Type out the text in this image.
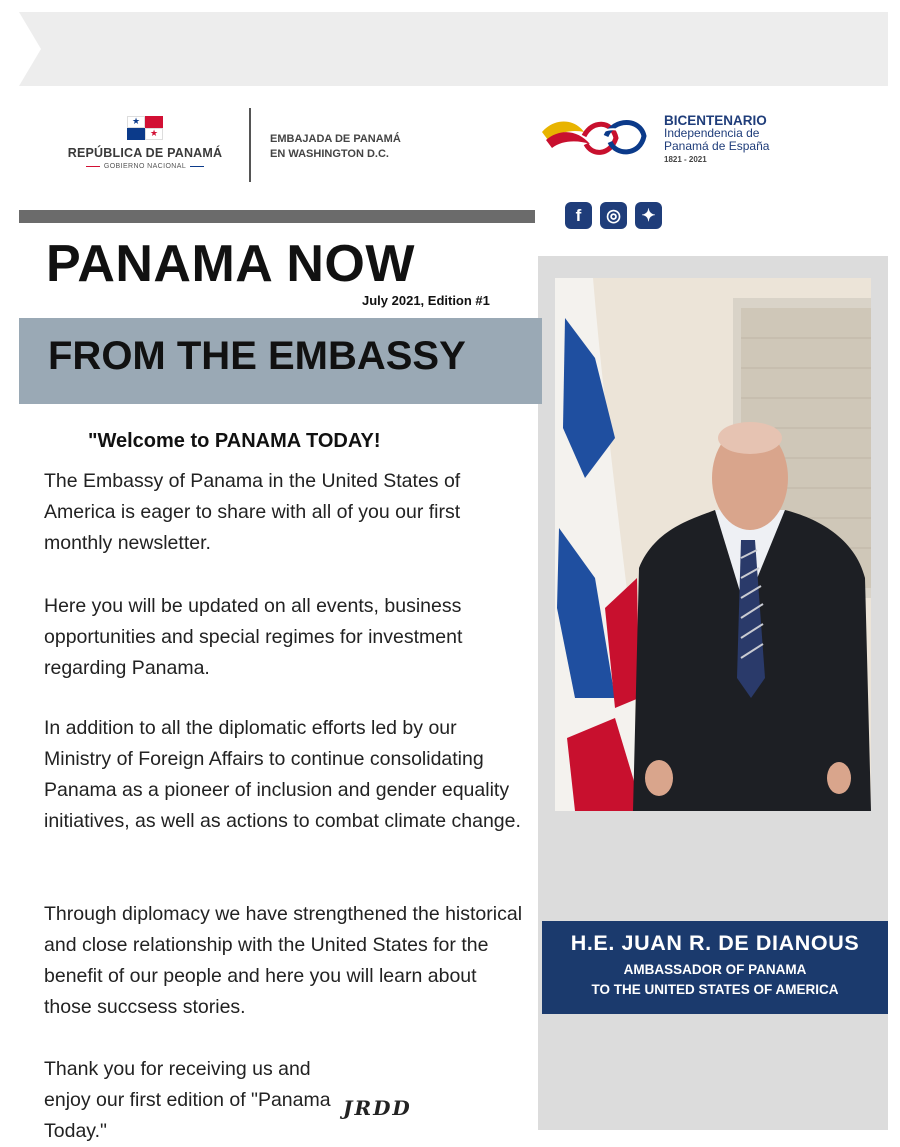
★
★
REPÚBLICA DE PANAMÁ
GOBIERNO NACIONAL
EMBAJADA DE PANAMÁ
EN WASHINGTON D.C.
BICENTENARIO
Independencia de
Panamá de España
1821 - 2021
f	◎	✦
PANAMA NOW
July 2021, Edition #1
FROM THE EMBASSY
"Welcome to PANAMA TODAY!
The Embassy of Panama in the United States of America is eager to share with all of you our first monthly newsletter.
Here you will be updated on all events, business opportunities and special regimes for investment regarding Panama.
In addition to all the diplomatic efforts led by our Ministry of Foreign Affairs to continue consolidating Panama as a pioneer of inclusion and gender equality initiatives, as well as actions to combat climate change.
Through diplomacy we have strengthened the historical and close relationship with the United States for the benefit of our people and here you will learn about those succsess stories.
Thank you for receiving us and enjoy our first edition of "Panama Today."
JRDD
H.E. JUAN R. DE DIANOUS
AMBASSADOR OF PANAMA
TO THE UNITED STATES OF AMERICA
